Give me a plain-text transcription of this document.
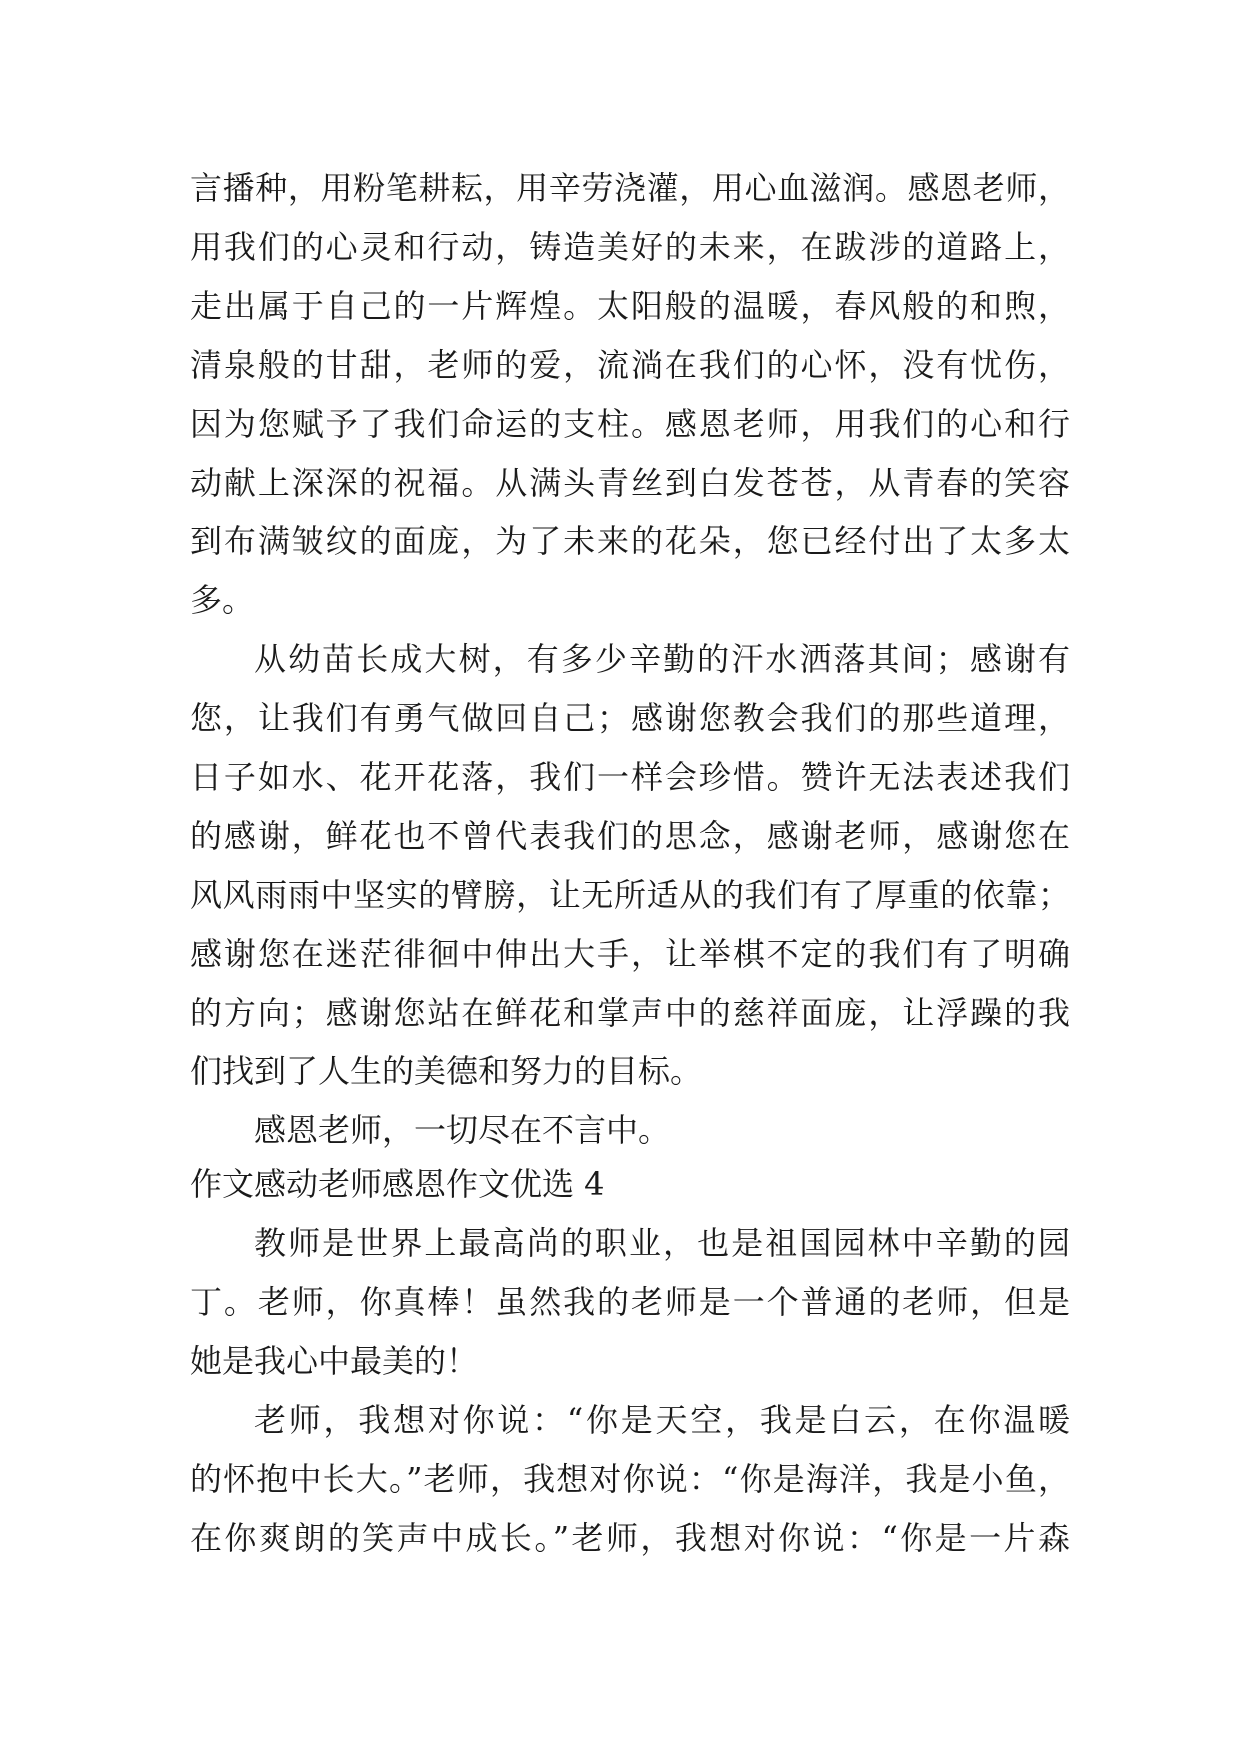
言播种，用粉笔耕耘，用辛劳浇灌，用心血滋润。感恩老师，
用我们的心灵和行动，铸造美好的未来，在跋涉的道路上，
走出属于自己的一片辉煌。太阳般的温暖，春风般的和煦，
清泉般的甘甜，老师的爱，流淌在我们的心怀，没有忧伤，
因为您赋予了我们命运的支柱。感恩老师，用我们的心和行
动献上深深的祝福。从满头青丝到白发苍苍，从青春的笑容
到布满皱纹的面庞，为了未来的花朵，您已经付出了太多太
多。
从幼苗长成大树，有多少辛勤的汗水洒落其间；感谢有
您，让我们有勇气做回自己；感谢您教会我们的那些道理，
日子如水、花开花落，我们一样会珍惜。赞许无法表述我们
的感谢，鲜花也不曾代表我们的思念，感谢老师，感谢您在
风风雨雨中坚实的臂膀，让无所适从的我们有了厚重的依靠；
感谢您在迷茫徘徊中伸出大手，让举棋不定的我们有了明确
的方向；感谢您站在鲜花和掌声中的慈祥面庞，让浮躁的我
们找到了人生的美德和努力的目标。
感恩老师，一切尽在不言中。
作文感动老师感恩作文优选 4
教师是世界上最高尚的职业，也是祖国园林中辛勤的园
丁。老师，你真棒！虽然我的老师是一个普通的老师，但是
她是我心中最美的！
老师，我想对你说：“你是天空，我是白云，在你温暖
的怀抱中长大。”老师，我想对你说：“你是海洋，我是小鱼，
在你爽朗的笑声中成长。”老师，我想对你说：“你是一片森
